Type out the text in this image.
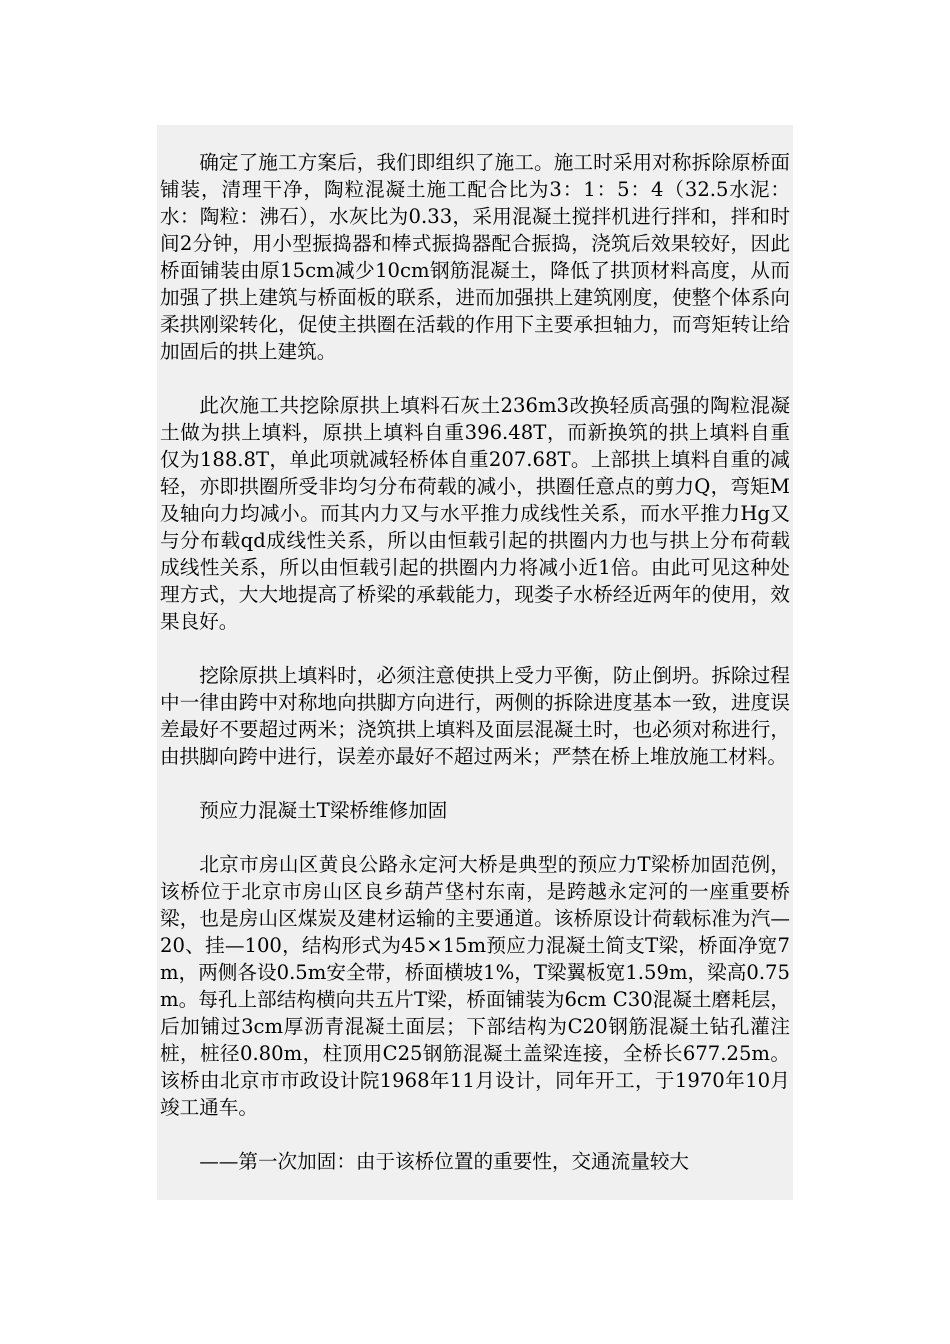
确定了施工方案后，我们即组织了施工。施工时采用对称拆除原桥面铺装，清理干净，陶粒混凝土施工配合比为3：1：5：4（32.5水泥：水：陶粒：沸石），水灰比为0.33，采用混凝土搅拌机进行拌和，拌和时间2分钟，用小型振捣器和棒式振捣器配合振捣，浇筑后效果较好，因此桥面铺装由原15cm减少10cm钢筋混凝土，降低了拱顶材料高度，从而加强了拱上建筑与桥面板的联系，进而加强拱上建筑刚度，使整个体系向柔拱刚梁转化，促使主拱圈在活载的作用下主要承担轴力，而弯矩转让给加固后的拱上建筑。

此次施工共挖除原拱上填料石灰土236m3改换轻质高强的陶粒混凝土做为拱上填料，原拱上填料自重396.48T，而新换筑的拱上填料自重仅为188.8T，单此项就减轻桥体自重207.68T。上部拱上填料自重的减轻，亦即拱圈所受非均匀分布荷载的减小，拱圈任意点的剪力Q，弯矩M及轴向力均减小。而其内力又与水平推力成线性关系，而水平推力Hg又与分布载qd成线性关系，所以由恒载引起的拱圈内力也与拱上分布荷载成线性关系，所以由恒载引起的拱圈内力将减小近1倍。由此可见这种处理方式，大大地提高了桥梁的承载能力，现娄子水桥经近两年的使用，效果良好。

挖除原拱上填料时，必须注意使拱上受力平衡，防止倒坍。拆除过程中一律由跨中对称地向拱脚方向进行，两侧的拆除进度基本一致，进度误差最好不要超过两米；浇筑拱上填料及面层混凝土时，也必须对称进行，由拱脚向跨中进行，误差亦最好不超过两米；严禁在桥上堆放施工材料。

预应力混凝土T梁桥维修加固

北京市房山区黄良公路永定河大桥是典型的预应力T梁桥加固范例，该桥位于北京市房山区良乡葫芦垡村东南，是跨越永定河的一座重要桥梁，也是房山区煤炭及建材运输的主要通道。该桥原设计荷载标准为汽—20、挂—100，结构形式为45×15m预应力混凝土简支T梁，桥面净宽7m，两侧各设0.5m安全带，桥面横坡1%，T梁翼板宽1.59m，梁高0.75m。每孔上部结构横向共五片T梁，桥面铺装为6cm C30混凝土磨耗层，后加铺过3cm厚沥青混凝土面层；下部结构为C20钢筋混凝土钻孔灌注桩，桩径0.80m，柱顶用C25钢筋混凝土盖梁连接，全桥长677.25m。该桥由北京市市政设计院1968年11月设计，同年开工，于1970年10月竣工通车。

——第一次加固：由于该桥位置的重要性，交通流量较大
